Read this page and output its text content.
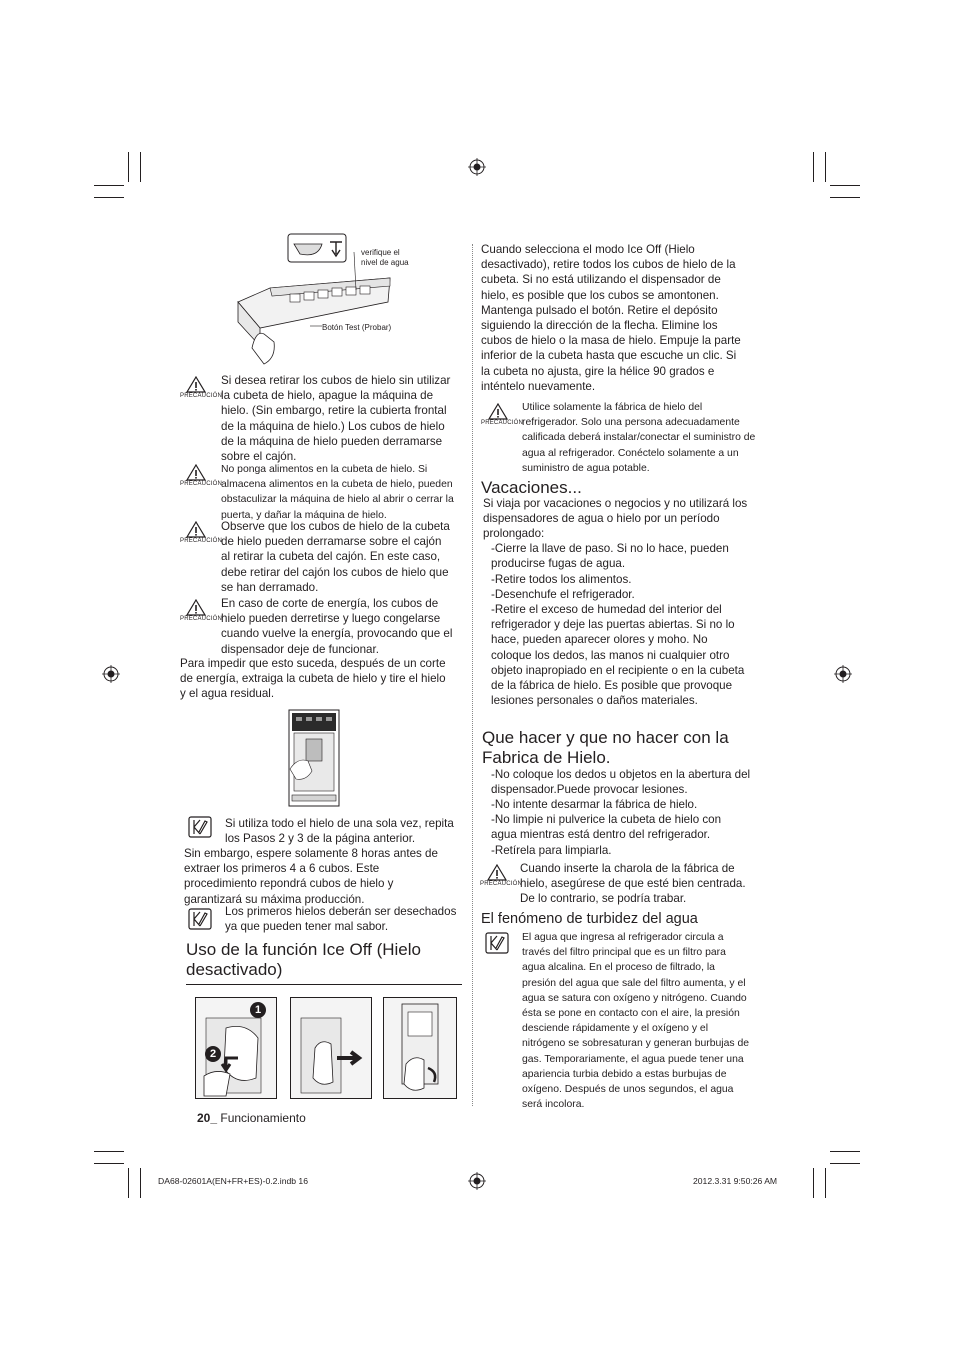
verifique el nivel de agua
Botón Test (Probar)
PRECAUCIÓN
Si desea retirar los cubos de hielo sin utilizar la cubeta de hielo, apague la máquina de hielo. (Sin embargo, retire la cubierta frontal de la máquina de hielo.) Los cubos de hielo de la máquina de hielo pueden derramarse sobre el cajón.
PRECAUCIÓN
No ponga alimentos en la cubeta de hielo. Si almacena alimentos en la cubeta de hielo, pueden obstaculizar la máquina de hielo al abrir o cerrar la puerta, y dañar la máquina de hielo.
PRECAUCIÓN
Observe que los cubos de hielo de la cubeta de hielo pueden derramarse sobre el cajón al retirar la cubeta del cajón. En este caso, debe retirar del cajón los cubos de hielo que se han derramado.
PRECAUCIÓN
En caso de corte de energía, los cubos de hielo pueden derretirse y luego congelarse cuando vuelve la energía, provocando que el dispensador deje de funcionar.
Para impedir que esto suceda, después de un corte de energía, extraiga la cubeta de hielo y tire el hielo y el agua residual.
Si utiliza todo el hielo de una sola vez, repita los Pasos 2 y 3 de la página anterior.
Sin embargo, espere solamente 8 horas antes de extraer los primeros 4 a 6 cubos. Este procedimiento repondrá cubos de hielo y garantizará su máxima producción.
Los primeros hielos deberán ser desechados ya que pueden tener mal sabor.
Uso de la función Ice Off (Hielo desactivado)
1
2
Cuando selecciona el modo Ice Off (Hielo desactivado), retire todos los cubos de hielo de la cubeta. Si no está utilizando el dispensador de hielo, es posible que los cubos se amontonen. Mantenga pulsado el botón. Retire el depósito siguiendo la dirección de la flecha. Elimine los cubos de hielo o la masa de hielo. Empuje la parte inferior de la cubeta hasta que escuche un clic. Si la cubeta no ajusta, gire la hélice 90 grados e inténtelo nuevamente.
PRECAUCIÓN
Utilice solamente la fábrica de hielo del refrigerador. Solo una persona adecuadamente calificada deberá instalar/conectar el suministro de agua al refrigerador. Conéctelo solamente a un suministro de agua potable.
Vacaciones...
Si viaja por vacaciones o negocios y no utilizará los dispensadores de agua o hielo por un período prolongado:
-Cierre la llave de paso. Si no lo hace, pueden producirse fugas de agua.
-Retire todos los alimentos.
-Desenchufe el refrigerador.
-Retire el exceso de humedad del interior del refrigerador y deje las puertas abiertas. Si no lo hace, pueden aparecer olores y moho. No coloque los dedos, las manos ni cualquier otro objeto inapropiado en el recipiente o en la cubeta de la fábrica de hielo. Es posible que provoque lesiones personales o daños materiales.
Que hacer y que no hacer con la Fabrica de Hielo.
-No coloque los dedos u objetos en la abertura del dispensador.Puede provocar lesiones.
-No intente desarmar la fábrica de hielo.
-No limpie ni pulverice la cubeta de hielo con agua mientras está dentro del refrigerador.
-Retírela para limpiarla.
PRECAUCIÓN
Cuando inserte la charola de la fábrica de hielo, asegúrese de que esté bien centrada. De lo contrario, se podría trabar.
El fenómeno de turbidez del agua
El agua que ingresa al refrigerador circula a través del filtro principal que es un filtro para agua alcalina. En el proceso de filtrado, la presión del agua que sale del filtro aumenta, y el agua se satura con oxígeno y nitrógeno. Cuando ésta se pone en contacto con el aire, la presión desciende rápidamente y el oxígeno y el nitrógeno se sobresaturan y generan burbujas de gas. Temporariamente, el agua puede tener una apariencia turbia debido a estas burbujas de oxígeno. Después de unos segundos, el agua será incolora.
20_ Funcionamiento
DA68-02601A(EN+FR+ES)-0.2.indb 16	2012.3.31 9:50:26 AM
